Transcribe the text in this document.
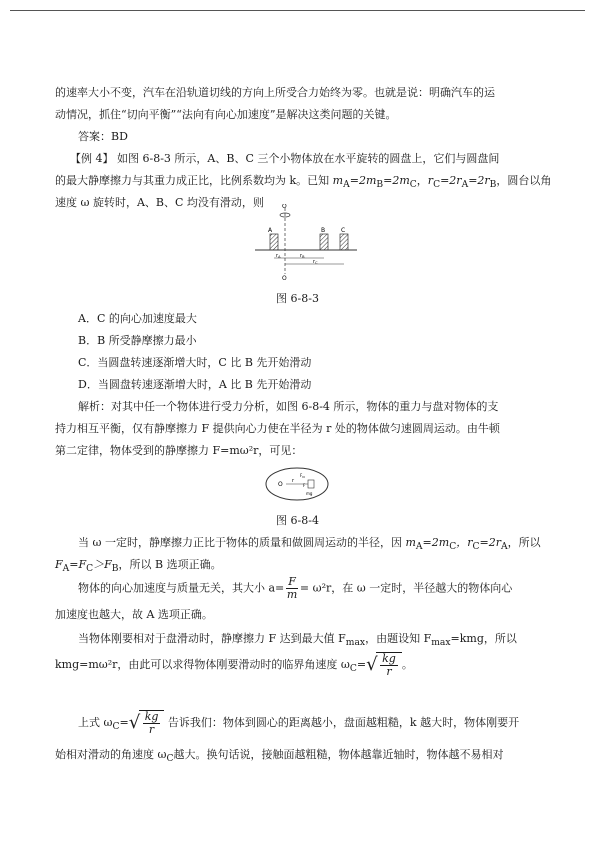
的速率大小不变，汽车在沿轨道切线的方向上所受合力始终为零。也就是说：明确汽车的运
动情况，抓住“切向平衡”“法向有向心加速度”是解决这类问题的关键。
答案：BD
【例 4】 如图 6-8-3 所示，A、B、C 三个小物体放在水平旋转的圆盘上，它们与圆盘间
的最大静摩擦力与其重力成正比，比例系数均为 k。已知 $m_A=2m_B=2m_C$，$r_C=2r_A=2r_B$，圆台以角
速度 ω 旋转时，A、B、C 均没有滑动，则	O
O
A	B	C
$r_A$	$r_B$
$r_C$
图 6-8-3
A．C 的向心加速度最大
B．B 所受静摩擦力最小
C．当圆盘转速逐渐增大时，C 比 B 先开始滑动
D．当圆盘转速逐渐增大时，A 比 B 先开始滑动
解析：对其中任一个物体进行受力分析，如图 6-8-4 所示，物体的重力与盘对物体的支
持力相互平衡，仅有静摩擦力 F 提供向心力使在半径为 r 处的物体做匀速圆周运动。由牛顿
第二定律，物体受到的静摩擦力 F=mω²r，可见：
O r
$F_N$
F
mg
图 6-8-4
当 ω 一定时，静摩擦力正比于物体的质量和做圆周运动的半径，因 $m_A=2m_C$，$r_C=2r_A$，所以
$F_A=F_C>F_B$，所以 B 选项正确。
物体的向心加速度与质量无关，其大小 $a= \frac{F}{m} = \omega^2r$，在 ω 一定时，半径越大的物体向心
加速度也越大，故 A 选项正确。
当物体刚要相对于盘滑动时，静摩擦力 F 达到最大值 $F_{max}$，由题设知 $F_{max}=kmg$，所以
kmg=mω²r，由此可以求得物体刚要滑动时的临界角速度 $\omega_C=$ √ $\frac{kg}{r}$ 。
上式 $\omega_C=$ √ $\frac{kg}{r}$ 告诉我们：物体到圆心的距离越小，盘面越粗糙，k 越大时，物体刚要开
始相对滑动的角速度 $\omega_C$越大。换句话说，接触面越粗糙，物体越靠近轴时，物体越不易相对
